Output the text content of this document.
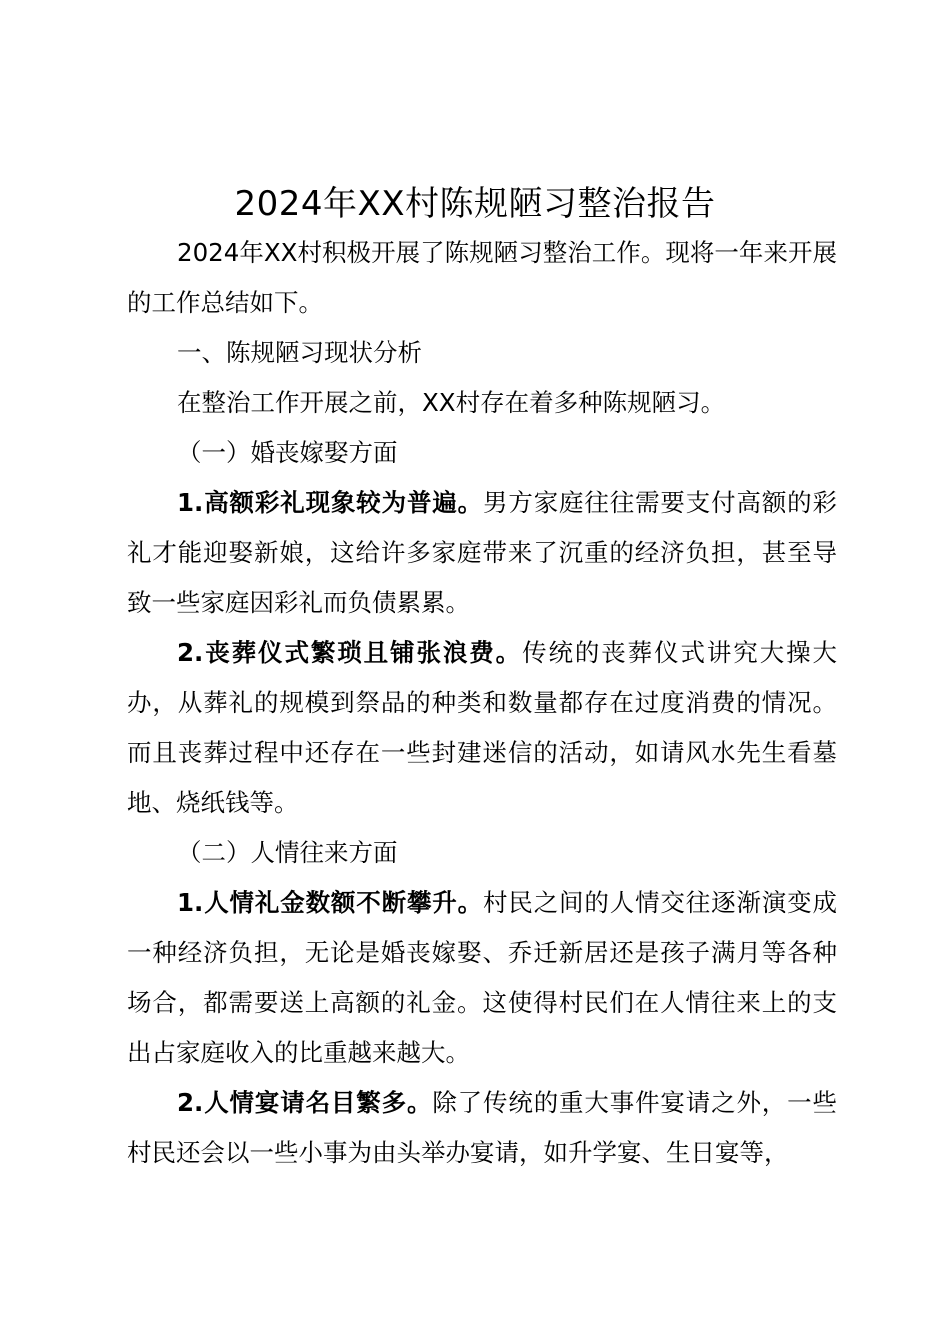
2024年XX村陈规陋习整治报告

2024年XX村积极开展了陈规陋习整治工作。现将一年来开展的工作总结如下。

一、陈规陋习现状分析

在整治工作开展之前，XX村存在着多种陈规陋习。

（一）婚丧嫁娶方面

1.高额彩礼现象较为普遍。男方家庭往往需要支付高额的彩礼才能迎娶新娘，这给许多家庭带来了沉重的经济负担，甚至导致一些家庭因彩礼而负债累累。

2.丧葬仪式繁琐且铺张浪费。传统的丧葬仪式讲究大操大办，从葬礼的规模到祭品的种类和数量都存在过度消费的情况。而且丧葬过程中还存在一些封建迷信的活动，如请风水先生看墓地、烧纸钱等。

（二）人情往来方面

1.人情礼金数额不断攀升。村民之间的人情交往逐渐演变成一种经济负担，无论是婚丧嫁娶、乔迁新居还是孩子满月等各种场合，都需要送上高额的礼金。这使得村民们在人情往来上的支出占家庭收入的比重越来越大。

2.人情宴请名目繁多。除了传统的重大事件宴请之外，一些村民还会以一些小事为由头举办宴请，如升学宴、生日宴等，
